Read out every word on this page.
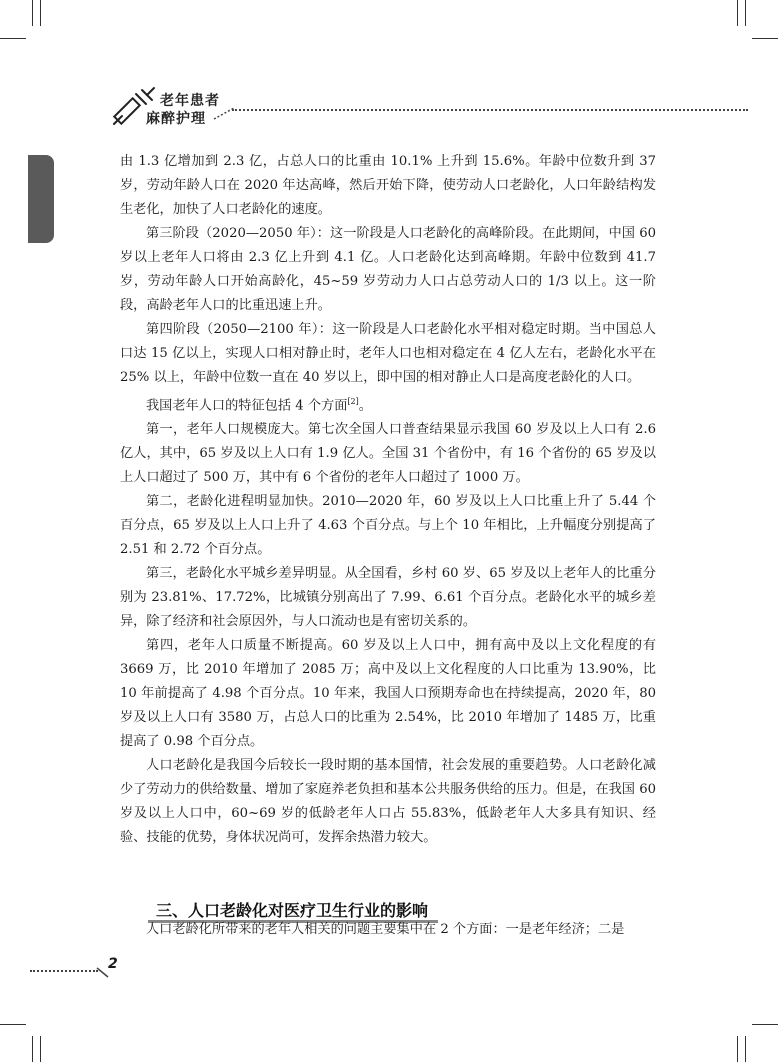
老年患者
麻醉护理

由 1.3 亿增加到 2.3 亿，占总人口的比重由 10.1% 上升到 15.6%。年龄中位数升到 37 岁，劳动年龄人口在 2020 年达高峰，然后开始下降，使劳动人口老龄化，人口年龄结构发生老化，加快了人口老龄化的速度。

第三阶段（2020—2050 年）：这一阶段是人口老龄化的高峰阶段。在此期间，中国 60 岁以上老年人口将由 2.3 亿上升到 4.1 亿。人口老龄化达到高峰期。年龄中位数到 41.7 岁，劳动年龄人口开始高龄化，45~59 岁劳动力人口占总劳动人口的 1/3 以上。这一阶段，高龄老年人口的比重迅速上升。

第四阶段（2050—2100 年）：这一阶段是人口老龄化水平相对稳定时期。当中国总人口达 15 亿以上，实现人口相对静止时，老年人口也相对稳定在 4 亿人左右，老龄化水平在 25% 以上，年龄中位数一直在 40 岁以上，即中国的相对静止人口是高度老龄化的人口。

我国老年人口的特征包括 4 个方面[2]。

第一，老年人口规模庞大。第七次全国人口普查结果显示我国 60 岁及以上人口有 2.6 亿人，其中，65 岁及以上人口有 1.9 亿人。全国 31 个省份中，有 16 个省份的 65 岁及以上人口超过了 500 万，其中有 6 个省份的老年人口超过了 1000 万。

第二，老龄化进程明显加快。2010—2020 年，60 岁及以上人口比重上升了 5.44 个百分点，65 岁及以上人口上升了 4.63 个百分点。与上个 10 年相比，上升幅度分别提高了 2.51 和 2.72 个百分点。

第三，老龄化水平城乡差异明显。从全国看，乡村 60 岁、65 岁及以上老年人的比重分别为 23.81%、17.72%，比城镇分别高出了 7.99、6.61 个百分点。老龄化水平的城乡差异，除了经济和社会原因外，与人口流动也是有密切关系的。

第四，老年人口质量不断提高。60 岁及以上人口中，拥有高中及以上文化程度的有 3669 万，比 2010 年增加了 2085 万；高中及以上文化程度的人口比重为 13.90%，比 10 年前提高了 4.98 个百分点。10 年来，我国人口预期寿命也在持续提高，2020 年，80 岁及以上人口有 3580 万，占总人口的比重为 2.54%，比 2010 年增加了 1485 万，比重提高了 0.98 个百分点。

人口老龄化是我国今后较长一段时期的基本国情，社会发展的重要趋势。人口老龄化减少了劳动力的供给数量、增加了家庭养老负担和基本公共服务供给的压力。但是，在我国 60 岁及以上人口中，60~69 岁的低龄老年人口占 55.83%，低龄老年人大多具有知识、经验、技能的优势，身体状况尚可，发挥余热潜力较大。

三、人口老龄化对医疗卫生行业的影响

人口老龄化所带来的老年人相关的问题主要集中在 2 个方面：一是老年经济；二是

2
